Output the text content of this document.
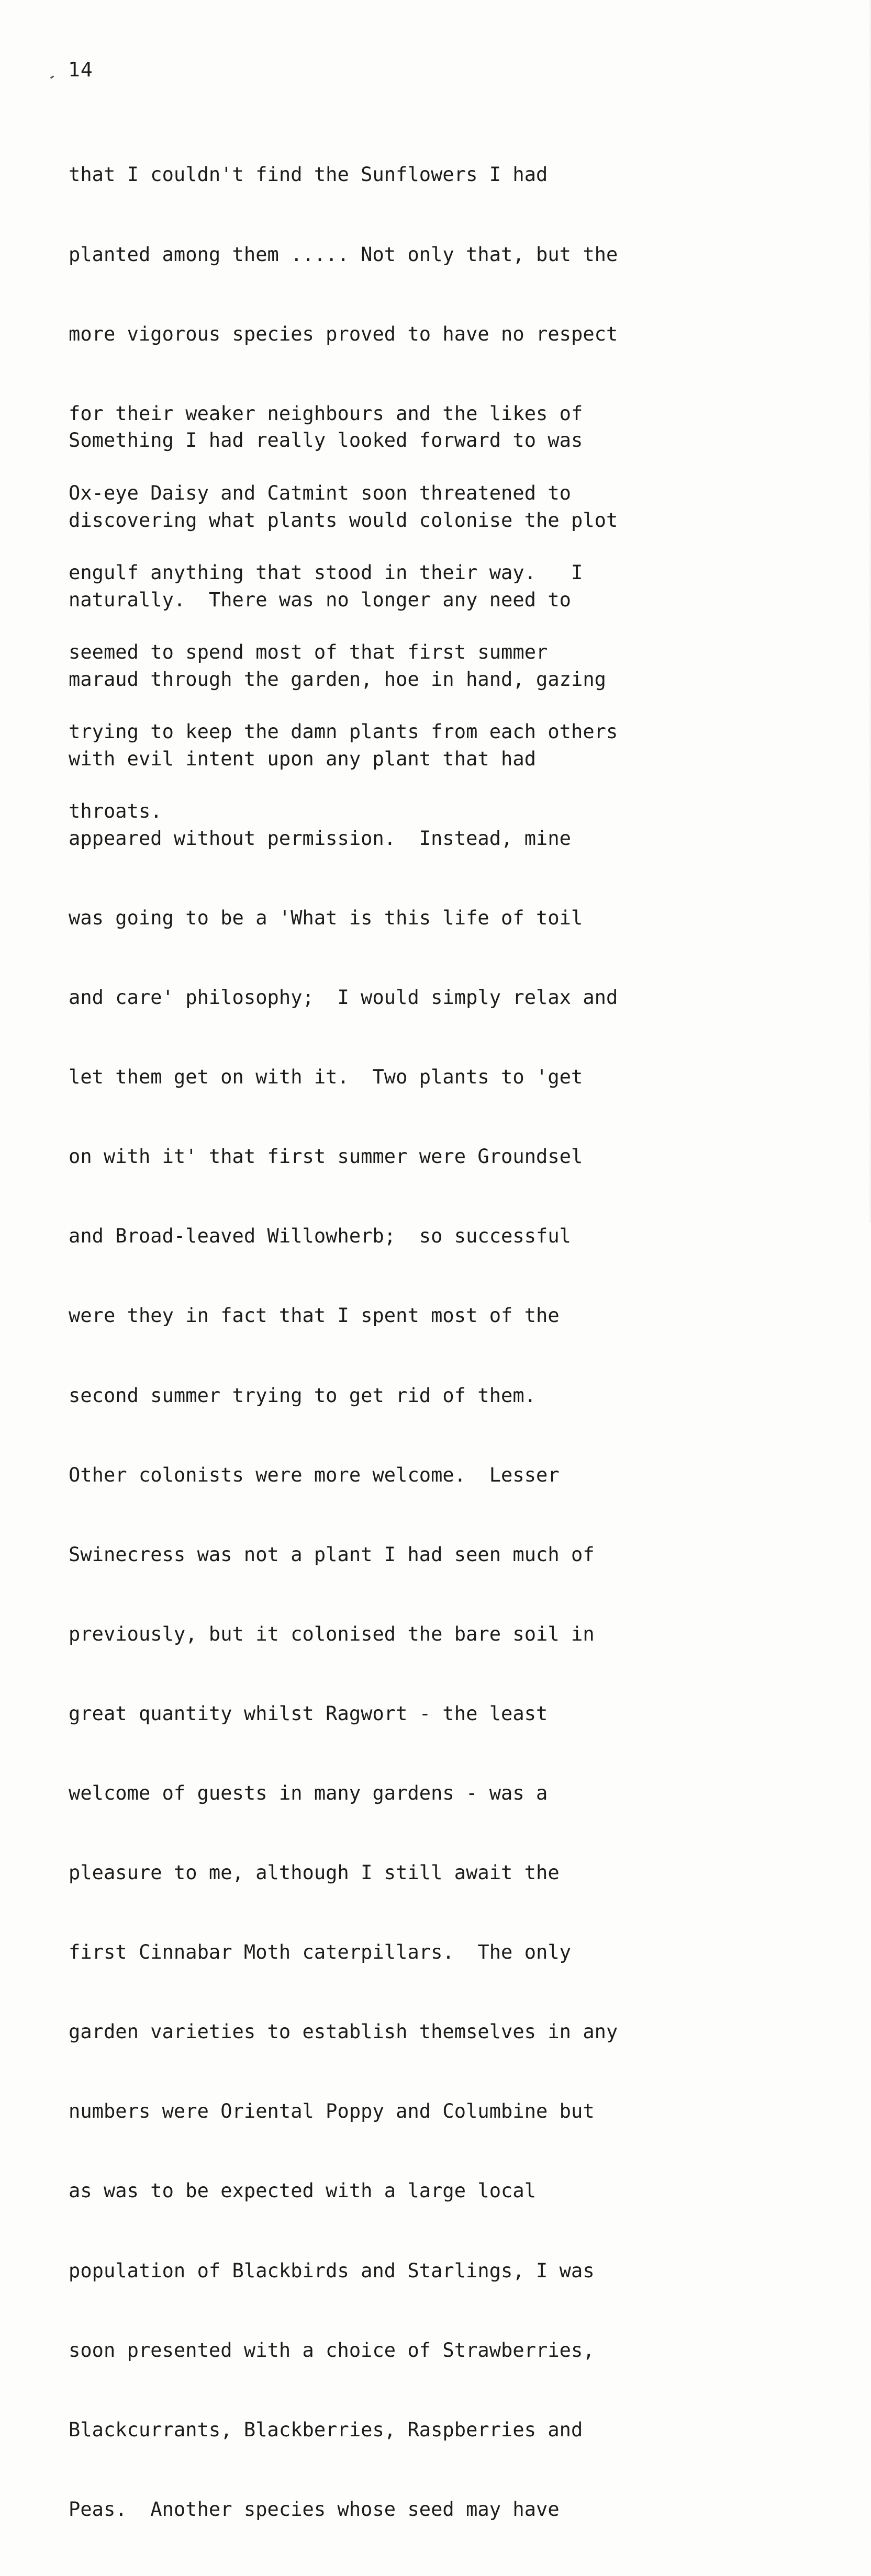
14

that I couldn't find the Sunflowers I had

planted among them ..... Not only that, but the

more vigorous species proved to have no respect

for their weaker neighbours and the likes of

Ox-eye Daisy and Catmint soon threatened to

engulf anything that stood in their way.   I

seemed to spend most of that first summer

trying to keep the damn plants from each others

throats.

Something I had really looked forward to was

discovering what plants would colonise the plot

naturally.  There was no longer any need to

maraud through the garden, hoe in hand, gazing

with evil intent upon any plant that had

appeared without permission.  Instead, mine

was going to be a 'What is this life of toil

and care' philosophy;  I would simply relax and

let them get on with it.  Two plants to 'get

on with it' that first summer were Groundsel

and Broad-leaved Willowherb;  so successful

were they in fact that I spent most of the

second summer trying to get rid of them.

Other colonists were more welcome.  Lesser

Swinecress was not a plant I had seen much of

previously, but it colonised the bare soil in

great quantity whilst Ragwort - the least

welcome of guests in many gardens - was a

pleasure to me, although I still await the

first Cinnabar Moth caterpillars.  The only

garden varieties to establish themselves in any

numbers were Oriental Poppy and Columbine but

as was to be expected with a large local

population of Blackbirds and Starlings, I was

soon presented with a choice of Strawberries,

Blackcurrants, Blackberries, Raspberries and

Peas.  Another species whose seed may have
